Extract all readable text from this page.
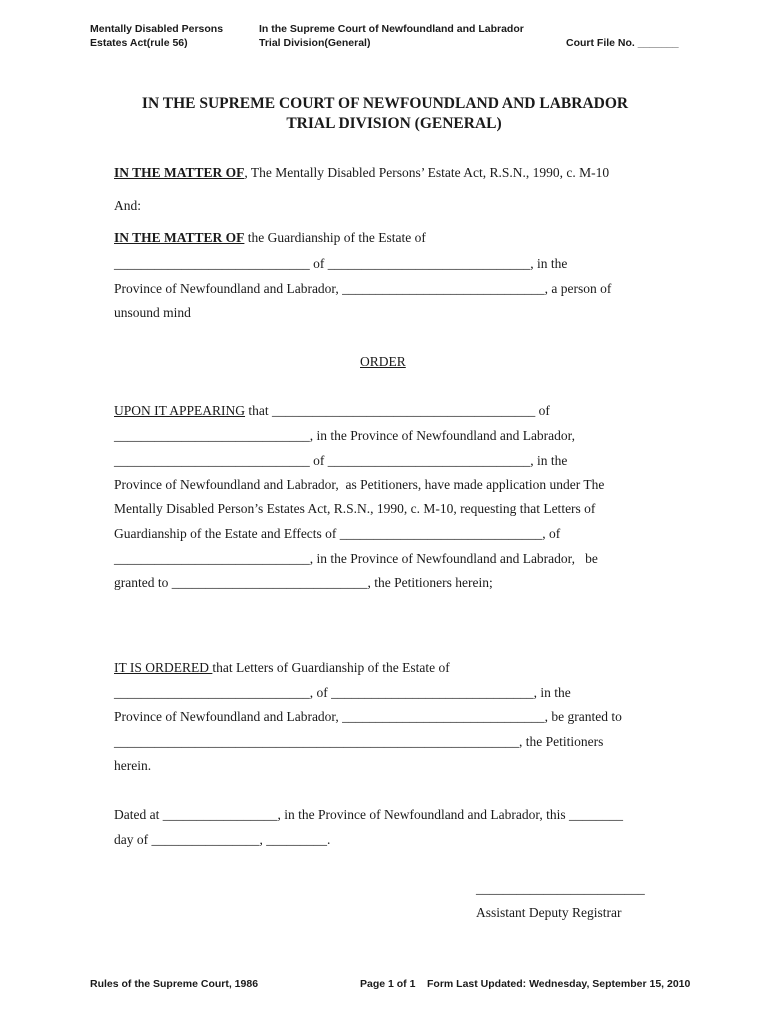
Mentally Disabled Persons
Estates Act(rule 56)
In the Supreme Court of Newfoundland and Labrador
Trial Division(General)	Court File No. _______
IN THE SUPREME COURT OF NEWFOUNDLAND AND LABRADOR
TRIAL DIVISION (GENERAL)
IN THE MATTER OF, The Mentally Disabled Persons’ Estate Act, R.S.N., 1990, c. M-10
And:
IN THE MATTER OF the Guardianship of the Estate of
_____________________________ of ______________________________, in the
Province of Newfoundland and Labrador, ______________________________, a person of
unsound mind
ORDER
UPON IT APPEARING that _______________________________________ of
_____________________________, in the Province of Newfoundland and Labrador,
_____________________________ of ______________________________, in the
Province of Newfoundland and Labrador,  as Petitioners, have made application under The
Mentally Disabled Person’s Estates Act, R.S.N., 1990, c. M-10, requesting that Letters of
Guardianship of the Estate and Effects of ______________________________, of
_____________________________, in the Province of Newfoundland and Labrador,   be
granted to _____________________________, the Petitioners herein;
IT IS ORDERED that Letters of Guardianship of the Estate of
_____________________________, of ______________________________, in the
Province of Newfoundland and Labrador, ______________________________, be granted to
____________________________________________________________, the Petitioners
herein.
Dated at _________________, in the Province of Newfoundland and Labrador, this ________
day of ________________, _________.
_________________________
Assistant Deputy Registrar
Rules of the Supreme Court, 1986	Page 1 of 1 Form Last Updated: Wednesday, September 15, 2010
